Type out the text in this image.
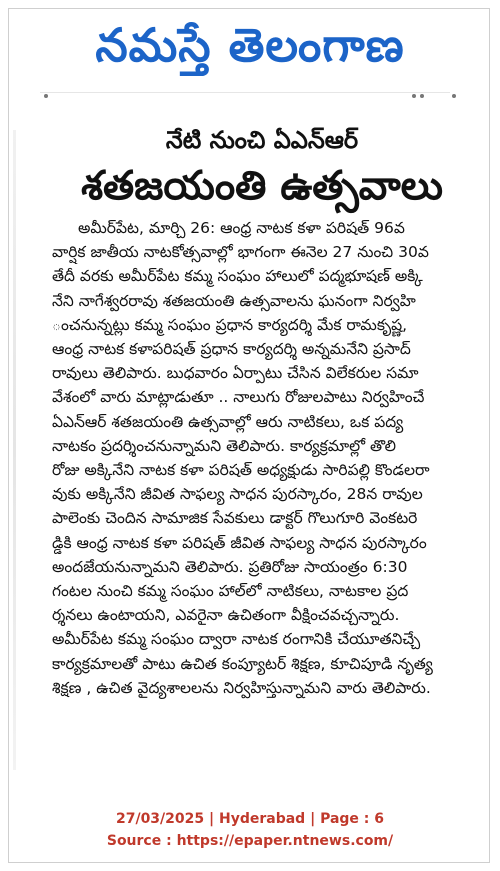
నమస్తే తెలంగాణ
నేటి నుంచి ఏఎన్ఆర్
శతజయంతి ఉత్సవాలు
అమీర్‌పేట, మార్చి 26: ఆంధ్ర నాటక కళా పరిషత్ 96వ
వార్షిక జాతీయ నాటకోత్సవాల్లో భాగంగా ఈనెల 27 నుంచి 30వ
తేదీ వరకు అమీర్‌పేట కమ్మ సంఘం హాలులో పద్మభూషణ్ అక్కి
నేని నాగేశ్వరరావు శతజయంతి ఉత్సవాలను ఘనంగా నిర్వహి
ంచనున్నట్లు కమ్మ సంఘం ప్రధాన కార్యదర్శి మేక రామకృష్ణ,
ఆంధ్ర నాటక కళాపరిషత్ ప్రధాన కార్యదర్శి అన్నమనేని ప్రసాద్
రావులు తెలిపారు. బుధవారం ఏర్పాటు చేసిన విలేకరుల సమా
వేశంలో వారు మాట్లాడుతూ .. నాలుగు రోజులపాటు నిర్వహించే
ఏఎన్ఆర్ శతజయంతి ఉత్సవాల్లో ఆరు నాటికలు, ఒక పద్య
నాటకం ప్రదర్శించనున్నామని తెలిపారు. కార్యక్రమాల్లో తొలి
రోజు అక్కినేని నాటక కళా పరిషత్ అధ్యక్షుడు సారిపల్లి కొండలరా
వుకు అక్కినేని జీవిత సాఫల్య సాధన పురస్కారం, 28న రావుల
పాలెంకు చెందిన సామాజిక సేవకులు డాక్టర్ గొలుగూరి వెంకటరె
డ్డికి ఆంధ్ర నాటక కళా పరిషత్ జీవిత సాఫల్య సాధన పురస్కారం
అందజేయనున్నామని తెలిపారు. ప్రతిరోజు సాయంత్రం 6:30
గంటల నుంచి కమ్మ సంఘం హాల్‌లో నాటికలు, నాటకాల ప్రద
ర్శనలు ఉంటాయని, ఎవరైనా ఉచితంగా వీక్షించవచ్చన్నారు.
అమీర్‌పేట కమ్మ సంఘం ద్వారా నాటక రంగానికి చేయూతనిచ్చే
కార్యక్రమాలతో పాటు ఉచిత కంప్యూటర్ శిక్షణ, కూచిపూడి నృత్య
శిక్షణ , ఉచిత వైద్యశాలలను నిర్వహిస్తున్నామని వారు తెలిపారు.
27/03/2025 | Hyderabad | Page : 6
Source : https://epaper.ntnews.com/
